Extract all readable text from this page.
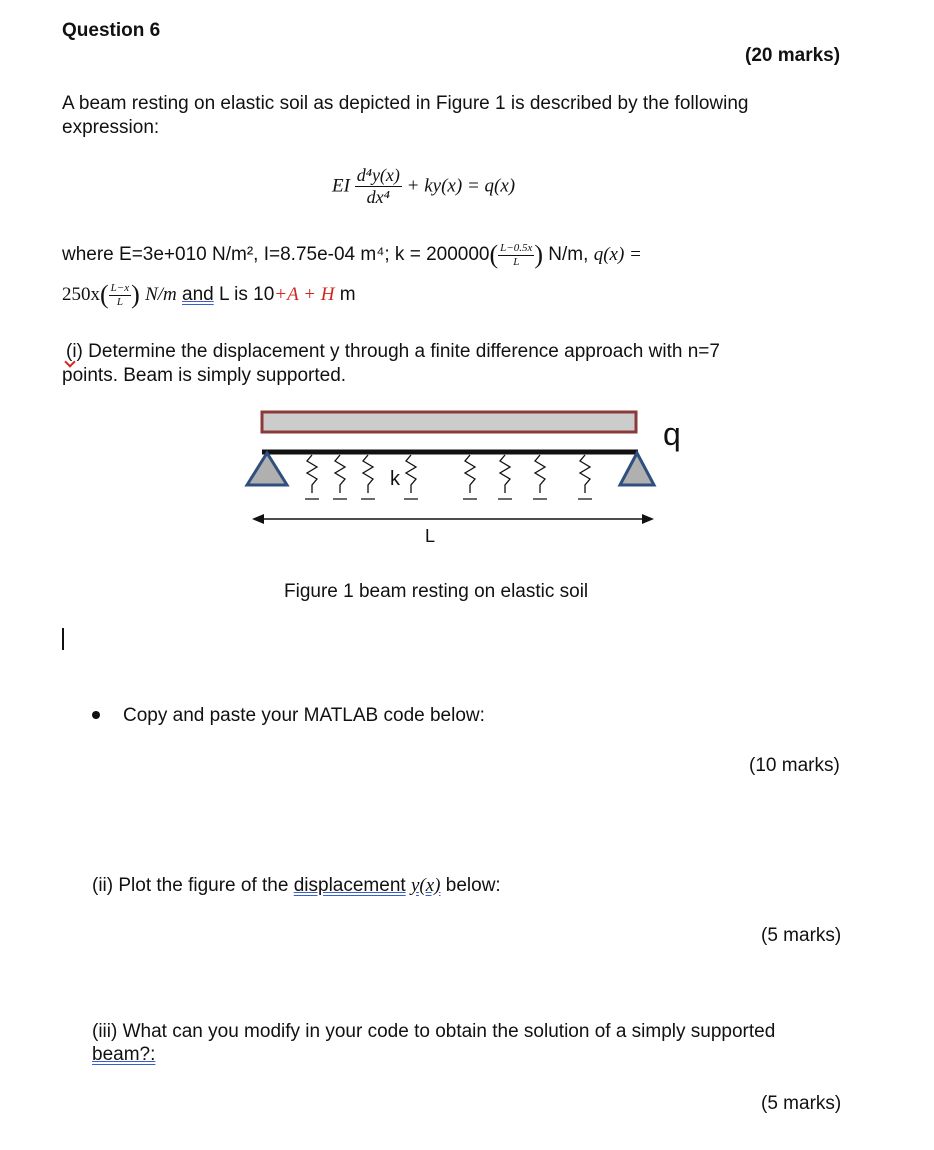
Question 6
(20 marks)
A beam resting on elastic soil as depicted in Figure 1 is described by the following
expression:
EI $\frac{\text{d⁴y(x)}}{\text{dx⁴}} + ky(x) = q(x)$
where E=3e+010 N/m², I=8.75e-04 m⁴; $k = 200000( \frac{L-0.5x}{L}$ ) N/m, q(x) =
$250x( \frac{L-x}{L}$ ) N/m and L is 10+A + H m
(i) Determine the displacement y through a finite difference approach with n=7
points. Beam is simply supported.
k
q
L
Figure 1 beam resting on elastic soil
Copy and paste your MATLAB code below:
(10 marks)
(ii) Plot the figure of the displacement y(x) below:
(5 marks)
(iii) What can you modify in your code to obtain the solution of a simply supported
beam?:
(5 marks)
